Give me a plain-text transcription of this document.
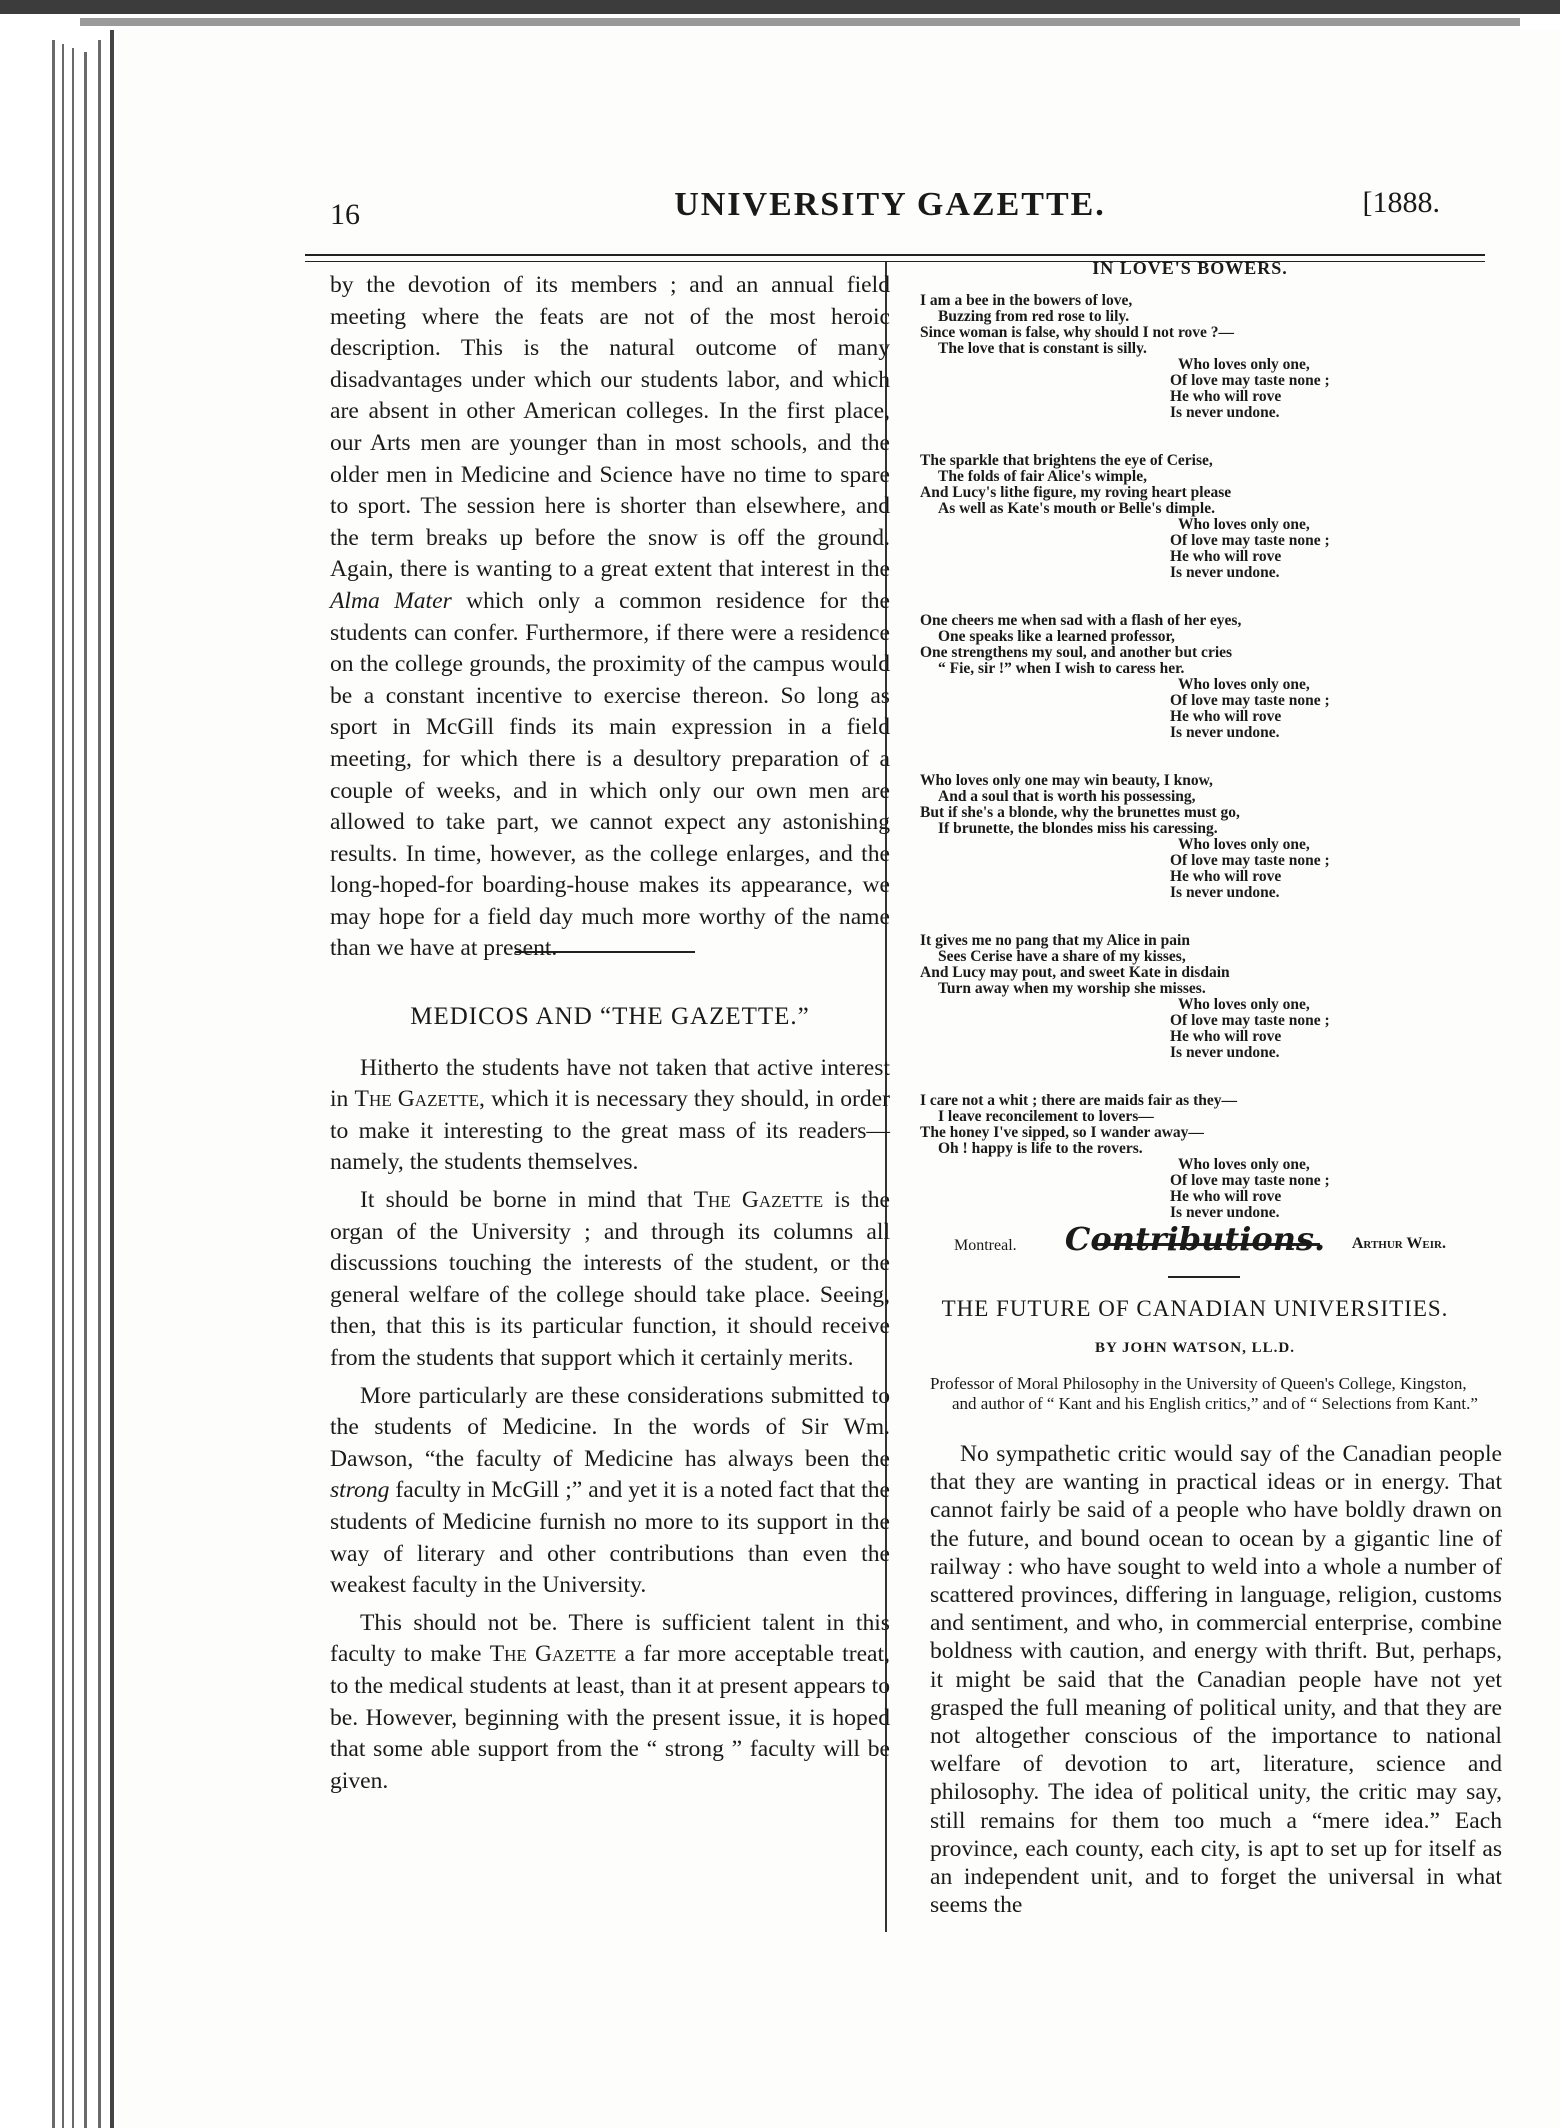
16	UNIVERSITY GAZETTE.	[1888.

by the devotion of its members ; and an annual field meeting where the feats are not of the most heroic description. This is the natural outcome of many disadvantages under which our students labor, and which are absent in other American colleges. In the first place, our Arts men are younger than in most schools, and the older men in Medicine and Science have no time to spare to sport. The session here is shorter than elsewhere, and the term breaks up before the snow is off the ground. Again, there is wanting to a great extent that interest in the Alma Mater which only a common residence for the students can confer. Furthermore, if there were a residence on the college grounds, the proximity of the campus would be a constant incentive to exercise thereon. So long as sport in McGill finds its main expression in a field meeting, for which there is a desultory preparation of a couple of weeks, and in which only our own men are allowed to take part, we cannot expect any astonishing results. In time, however, as the college enlarges, and the long-hoped-for boarding-house makes its appearance, we may hope for a field day much more worthy of the name than we have at present.

MEDICOS AND “THE GAZETTE.”

Hitherto the students have not taken that active interest in The Gazette, which it is necessary they should, in order to make it interesting to the great mass of its readers—namely, the students themselves.

It should be borne in mind that The Gazette is the organ of the University ; and through its columns all discussions touching the interests of the student, or the general welfare of the college should take place. Seeing, then, that this is its particular function, it should receive from the students that support which it certainly merits.

More particularly are these considerations submitted to the students of Medicine. In the words of Sir Wm. Dawson, “the faculty of Medicine has always been the strong faculty in McGill ;” and yet it is a noted fact that the students of Medicine furnish no more to its support in the way of literary and other contributions than even the weakest faculty in the University.

This should not be. There is sufficient talent in this faculty to make The Gazette a far more acceptable treat, to the medical students at least, than it at present appears to be. However, beginning with the present issue, it is hoped that some able support from the “ strong ” faculty will be given.

IN LOVE'S BOWERS.
I am a bee in the bowers of love,
Buzzing from red rose to lily.
Since woman is false, why should I not rove ?—
The love that is constant is silly.
Who loves only one,
Of love may taste none ;
He who will rove
Is never undone.
The sparkle that brightens the eye of Cerise,
The folds of fair Alice's wimple,
And Lucy's lithe figure, my roving heart please
As well as Kate's mouth or Belle's dimple.
Who loves only one,
Of love may taste none ;
He who will rove
Is never undone.
One cheers me when sad with a flash of her eyes,
One speaks like a learned professor,
One strengthens my soul, and another but cries
“ Fie, sir !” when I wish to caress her.
Who loves only one,
Of love may taste none ;
He who will rove
Is never undone.
Who loves only one may win beauty, I know,
And a soul that is worth his possessing,
But if she's a blonde, why the brunettes must go,
If brunette, the blondes miss his caressing.
Who loves only one,
Of love may taste none ;
He who will rove
Is never undone.
It gives me no pang that my Alice in pain
Sees Cerise have a share of my kisses,
And Lucy may pout, and sweet Kate in disdain
Turn away when my worship she misses.
Who loves only one,
Of love may taste none ;
He who will rove
Is never undone.
I care not a whit ; there are maids fair as they—
I leave reconcilement to lovers—
The honey I've sipped, so I wander away—
Oh ! happy is life to the rovers.
Who loves only one,
Of love may taste none ;
He who will rove
Is never undone.
Montreal.	Arthur Weir.
Contributions.
THE FUTURE OF CANADIAN UNIVERSITIES.
BY JOHN WATSON, LL.D.
Professor of Moral Philosophy in the University of Queen's College, Kingston, and author of “ Kant and his English critics,” and of “ Selections from Kant.”
No sympathetic critic would say of the Canadian people that they are wanting in practical ideas or in energy. That cannot fairly be said of a people who have boldly drawn on the future, and bound ocean to ocean by a gigantic line of railway : who have sought to weld into a whole a number of scattered provinces, differing in language, religion, customs and sentiment, and who, in commercial enterprise, combine boldness with caution, and energy with thrift. But, perhaps, it might be said that the Canadian people have not yet grasped the full meaning of political unity, and that they are not altogether conscious of the importance to national welfare of devotion to art, literature, science and philosophy. The idea of political unity, the critic may say, still remains for them too much a “mere idea.” Each province, each county, each city, is apt to set up for itself as an independent unit, and to forget the universal in what seems the
